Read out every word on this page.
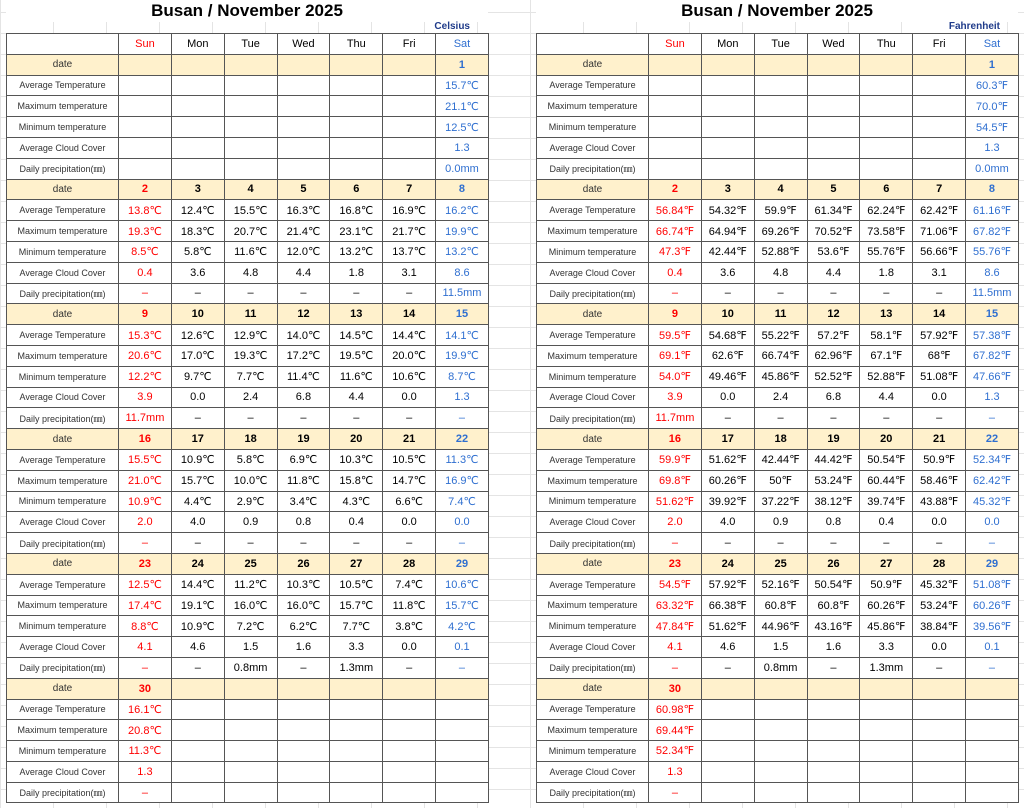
Busan / November 2025
Celsius
	Sun	Mon	Tue	Wed	Thu	Fri	Sat
date							1
Average Temperature							15.7℃
Maximum temperature							21.1℃
Minimum temperature							12.5℃
Average Cloud Cover							1.3
Daily precipitation(㎜)							0.0mm
date	2	3	4	5	6	7	8
Average Temperature	13.8℃	12.4℃	15.5℃	16.3℃	16.8℃	16.9℃	16.2℃
Maximum temperature	19.3℃	18.3℃	20.7℃	21.4℃	23.1℃	21.7℃	19.9℃
Minimum temperature	8.5℃	5.8℃	11.6℃	12.0℃	13.2℃	13.7℃	13.2℃
Average Cloud Cover	0.4	3.6	4.8	4.4	1.8	3.1	8.6
Daily precipitation(㎜)	–	–	–	–	–	–	11.5mm
date	9	10	11	12	13	14	15
Average Temperature	15.3℃	12.6℃	12.9℃	14.0℃	14.5℃	14.4℃	14.1℃
Maximum temperature	20.6℃	17.0℃	19.3℃	17.2℃	19.5℃	20.0℃	19.9℃
Minimum temperature	12.2℃	9.7℃	7.7℃	11.4℃	11.6℃	10.6℃	8.7℃
Average Cloud Cover	3.9	0.0	2.4	6.8	4.4	0.0	1.3
Daily precipitation(㎜)	11.7mm	–	–	–	–	–	–
date	16	17	18	19	20	21	22
Average Temperature	15.5℃	10.9℃	5.8℃	6.9℃	10.3℃	10.5℃	11.3℃
Maximum temperature	21.0℃	15.7℃	10.0℃	11.8℃	15.8℃	14.7℃	16.9℃
Minimum temperature	10.9℃	4.4℃	2.9℃	3.4℃	4.3℃	6.6℃	7.4℃
Average Cloud Cover	2.0	4.0	0.9	0.8	0.4	0.0	0.0
Daily precipitation(㎜)	–	–	–	–	–	–	–
date	23	24	25	26	27	28	29
Average Temperature	12.5℃	14.4℃	11.2℃	10.3℃	10.5℃	7.4℃	10.6℃
Maximum temperature	17.4℃	19.1℃	16.0℃	16.0℃	15.7℃	11.8℃	15.7℃
Minimum temperature	8.8℃	10.9℃	7.2℃	6.2℃	7.7℃	3.8℃	4.2℃
Average Cloud Cover	4.1	4.6	1.5	1.6	3.3	0.0	0.1
Daily precipitation(㎜)	–	–	0.8mm	–	1.3mm	–	–
date	30						
Average Temperature	16.1℃						
Maximum temperature	20.8℃						
Minimum temperature	11.3℃						
Average Cloud Cover	1.3						
Daily precipitation(㎜)	–						
Busan / November 2025
Fahrenheit
	Sun	Mon	Tue	Wed	Thu	Fri	Sat
date							1
Average Temperature							60.3℉
Maximum temperature							70.0℉
Minimum temperature							54.5℉
Average Cloud Cover							1.3
Daily precipitation(㎜)							0.0mm
date	2	3	4	5	6	7	8
Average Temperature	56.84℉	54.32℉	59.9℉	61.34℉	62.24℉	62.42℉	61.16℉
Maximum temperature	66.74℉	64.94℉	69.26℉	70.52℉	73.58℉	71.06℉	67.82℉
Minimum temperature	47.3℉	42.44℉	52.88℉	53.6℉	55.76℉	56.66℉	55.76℉
Average Cloud Cover	0.4	3.6	4.8	4.4	1.8	3.1	8.6
Daily precipitation(㎜)	–	–	–	–	–	–	11.5mm
date	9	10	11	12	13	14	15
Average Temperature	59.5℉	54.68℉	55.22℉	57.2℉	58.1℉	57.92℉	57.38℉
Maximum temperature	69.1℉	62.6℉	66.74℉	62.96℉	67.1℉	68℉	67.82℉
Minimum temperature	54.0℉	49.46℉	45.86℉	52.52℉	52.88℉	51.08℉	47.66℉
Average Cloud Cover	3.9	0.0	2.4	6.8	4.4	0.0	1.3
Daily precipitation(㎜)	11.7mm	–	–	–	–	–	–
date	16	17	18	19	20	21	22
Average Temperature	59.9℉	51.62℉	42.44℉	44.42℉	50.54℉	50.9℉	52.34℉
Maximum temperature	69.8℉	60.26℉	50℉	53.24℉	60.44℉	58.46℉	62.42℉
Minimum temperature	51.62℉	39.92℉	37.22℉	38.12℉	39.74℉	43.88℉	45.32℉
Average Cloud Cover	2.0	4.0	0.9	0.8	0.4	0.0	0.0
Daily precipitation(㎜)	–	–	–	–	–	–	–
date	23	24	25	26	27	28	29
Average Temperature	54.5℉	57.92℉	52.16℉	50.54℉	50.9℉	45.32℉	51.08℉
Maximum temperature	63.32℉	66.38℉	60.8℉	60.8℉	60.26℉	53.24℉	60.26℉
Minimum temperature	47.84℉	51.62℉	44.96℉	43.16℉	45.86℉	38.84℉	39.56℉
Average Cloud Cover	4.1	4.6	1.5	1.6	3.3	0.0	0.1
Daily precipitation(㎜)	–	–	0.8mm	–	1.3mm	–	–
date	30						
Average Temperature	60.98℉						
Maximum temperature	69.44℉						
Minimum temperature	52.34℉						
Average Cloud Cover	1.3						
Daily precipitation(㎜)	–						
